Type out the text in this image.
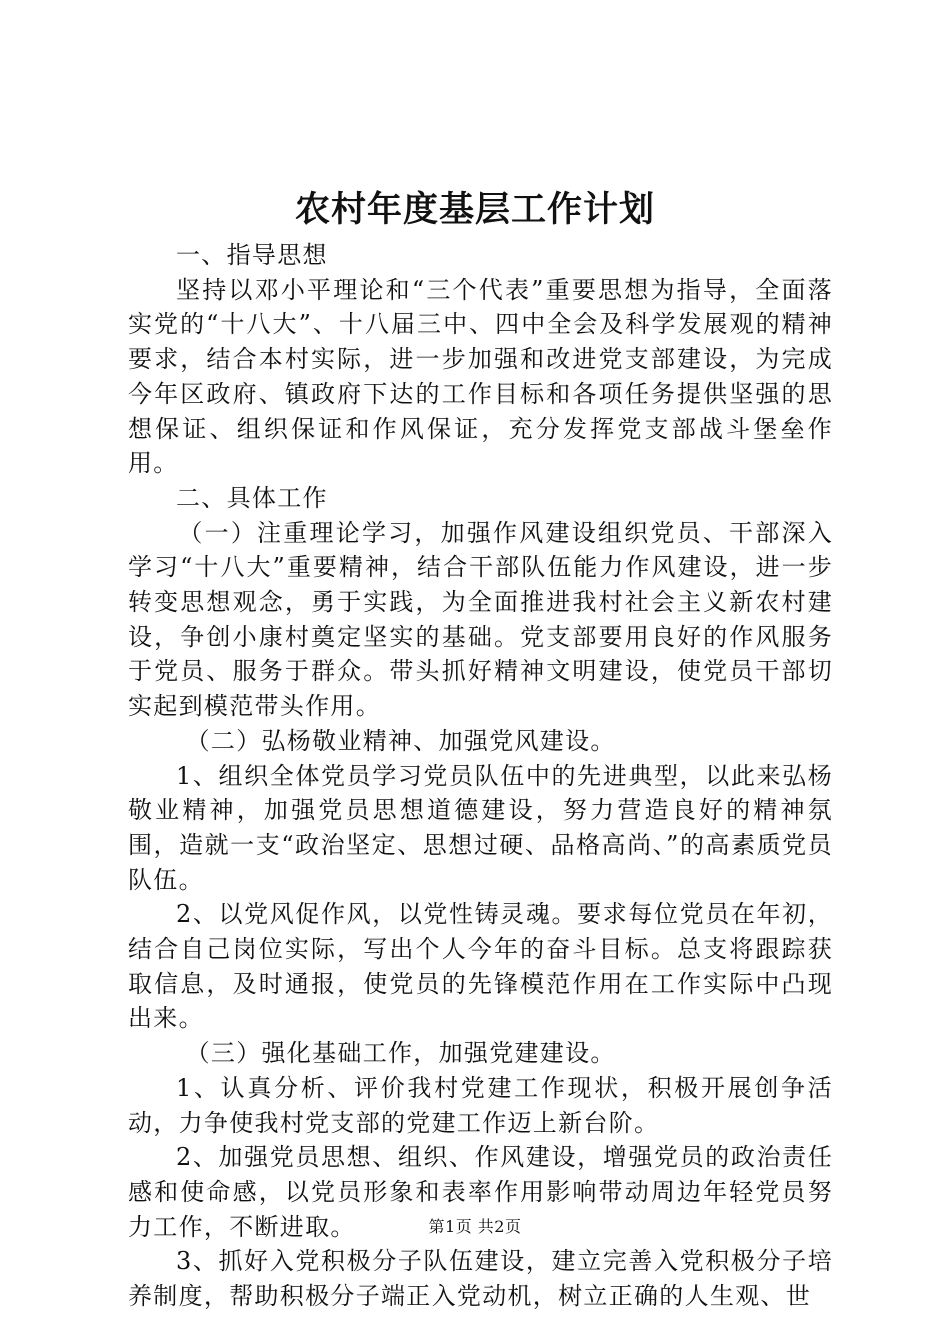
农村年度基层工作计划

一、指导思想

坚持以邓小平理论和“三个代表”重要思想为指导，全面落实党的“十八大”、十八届三中、四中全会及科学发展观的精神要求，结合本村实际，进一步加强和改进党支部建设，为完成今年区政府、镇政府下达的工作目标和各项任务提供坚强的思想保证、组织保证和作风保证，充分发挥党支部战斗堡垒作用。

二、具体工作

（一）注重理论学习，加强作风建设组织党员、干部深入学习“十八大”重要精神，结合干部队伍能力作风建设，进一步转变思想观念，勇于实践，为全面推进我村社会主义新农村建设，争创小康村奠定坚实的基础。党支部要用良好的作风服务于党员、服务于群众。带头抓好精神文明建设，使党员干部切实起到模范带头作用。

（二）弘杨敬业精神、加强党风建设。

1、组织全体党员学习党员队伍中的先进典型，以此来弘杨敬业精神，加强党员思想道德建设，努力营造良好的精神氛围，造就一支“政治坚定、思想过硬、品格高尚、”的高素质党员队伍。

2、以党风促作风，以党性铸灵魂。要求每位党员在年初，结合自己岗位实际，写出个人今年的奋斗目标。总支将跟踪获取信息，及时通报，使党员的先锋模范作用在工作实际中凸现出来。

（三）强化基础工作，加强党建建设。

1、认真分析、评价我村党建工作现状，积极开展创争活动，力争使我村党支部的党建工作迈上新台阶。

2、加强党员思想、组织、作风建设，增强党员的政治责任感和使命感，以党员形象和表率作用影响带动周边年轻党员努力工作，不断进取。

3、抓好入党积极分子队伍建设，建立完善入党积极分子培养制度，帮助积极分子端正入党动机，树立正确的人生观、世

第1页 共2页
